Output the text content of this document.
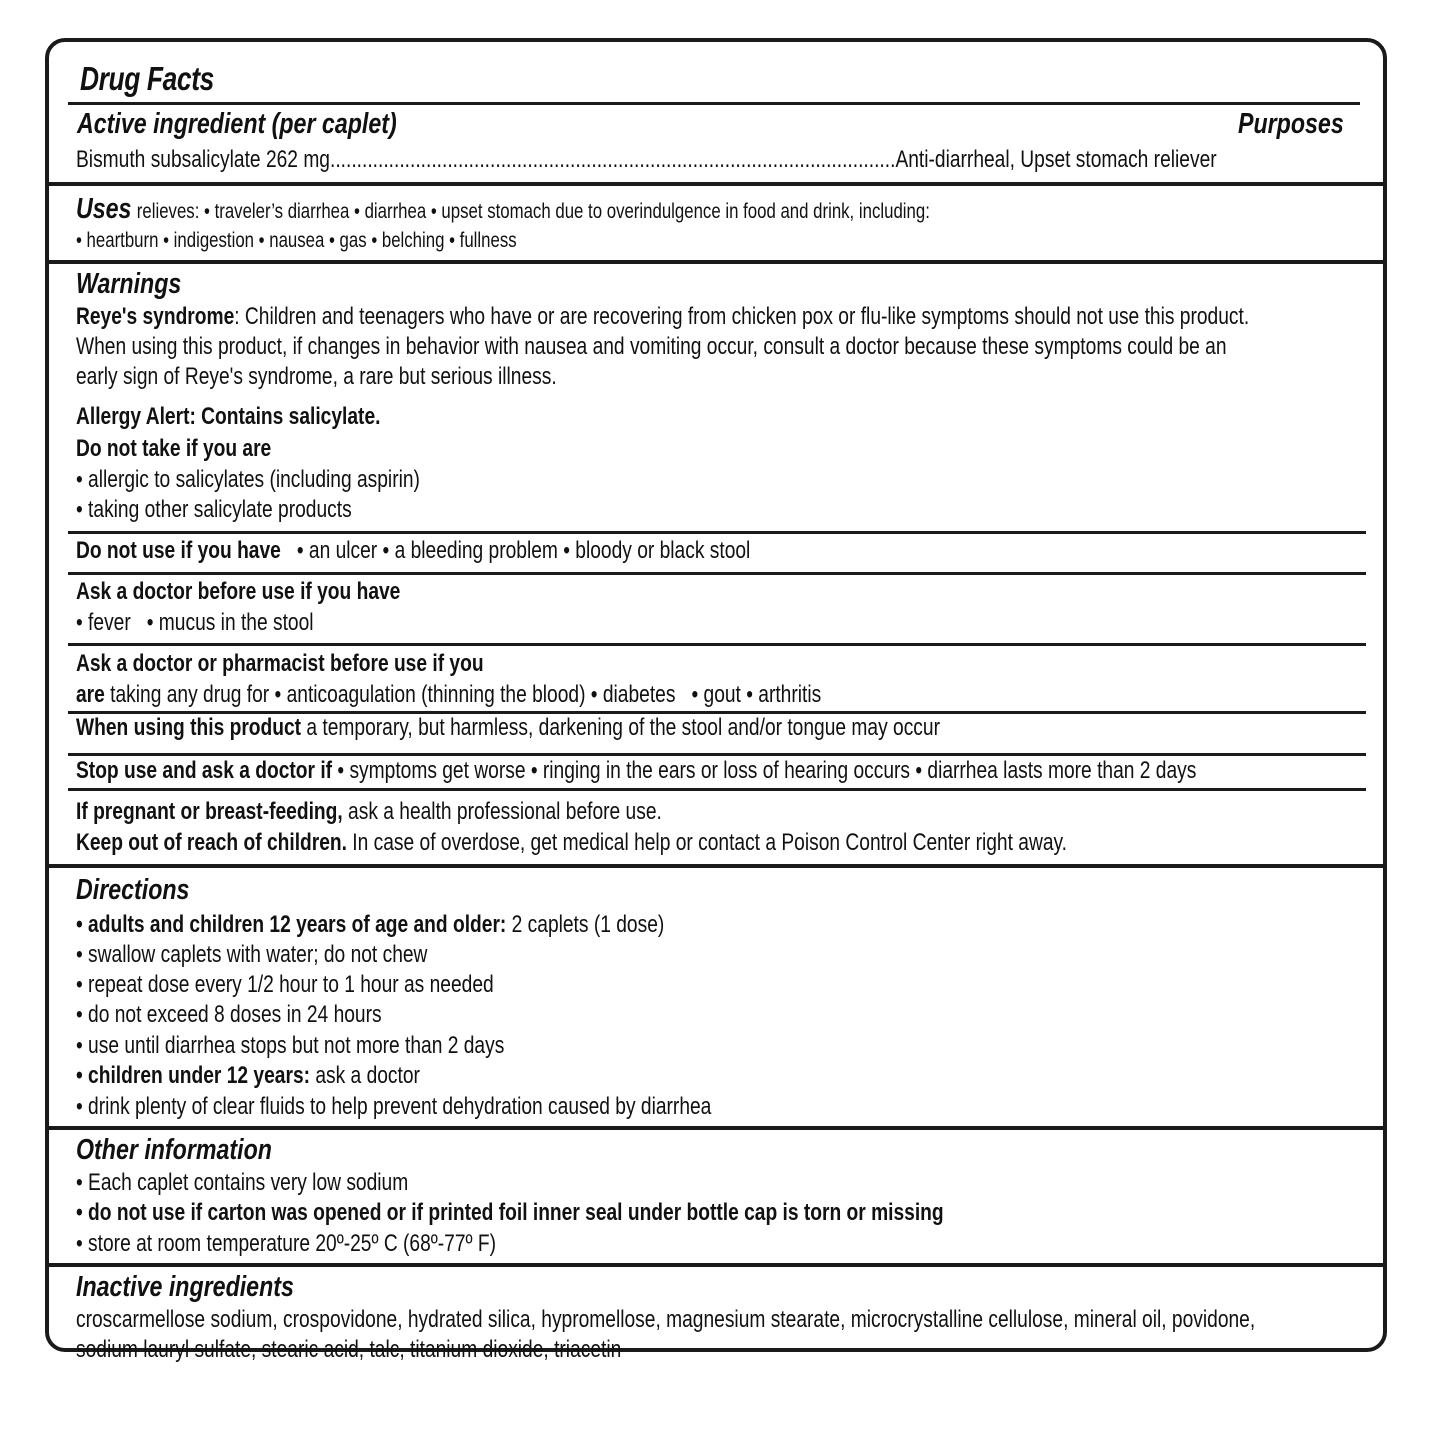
Drug Facts
Active ingredient (per caplet)	Purposes
Bismuth subsalicylate 262 mg..........................................................................................................Anti-diarrheal, Upset stomach reliever
Uses relieves: • traveler’s diarrhea • diarrhea • upset stomach due to overindulgence in food and drink, including:
• heartburn • indigestion • nausea • gas • belching • fullness
Warnings
Reye's syndrome: Children and teenagers who have or are recovering from chicken pox or flu-like symptoms should not use this product.
When using this product, if changes in behavior with nausea and vomiting occur, consult a doctor because these symptoms could be an
early sign of Reye's syndrome, a rare but serious illness.
Allergy Alert: Contains salicylate.
Do not take if you are
• allergic to salicylates (including aspirin)
• taking other salicylate products
Do not use if you have • an ulcer • a bleeding problem • bloody or black stool
Ask a doctor before use if you have
• fever   • mucus in the stool
Ask a doctor or pharmacist before use if you
are taking any drug for • anticoagulation (thinning the blood) • diabetes   • gout • arthritis
When using this product a temporary, but harmless, darkening of the stool and/or tongue may occur
Stop use and ask a doctor if • symptoms get worse • ringing in the ears or loss of hearing occurs • diarrhea lasts more than 2 days
If pregnant or breast-feeding, ask a health professional before use.
Keep out of reach of children. In case of overdose, get medical help or contact a Poison Control Center right away.
Directions
• adults and children 12 years of age and older: 2 caplets (1 dose)
• swallow caplets with water; do not chew
• repeat dose every 1/2 hour to 1 hour as needed
• do not exceed 8 doses in 24 hours
• use until diarrhea stops but not more than 2 days
• children under 12 years: ask a doctor
• drink plenty of clear fluids to help prevent dehydration caused by diarrhea
Other information
• Each caplet contains very low sodium
• do not use if carton was opened or if printed foil inner seal under bottle cap is torn or missing
• store at room temperature 20º-25º C (68º-77º F)
Inactive ingredients
croscarmellose sodium, crospovidone, hydrated silica, hypromellose, magnesium stearate, microcrystalline cellulose, mineral oil, povidone,
sodium lauryl sulfate, stearic acid, talc, titanium dioxide, triacetin
